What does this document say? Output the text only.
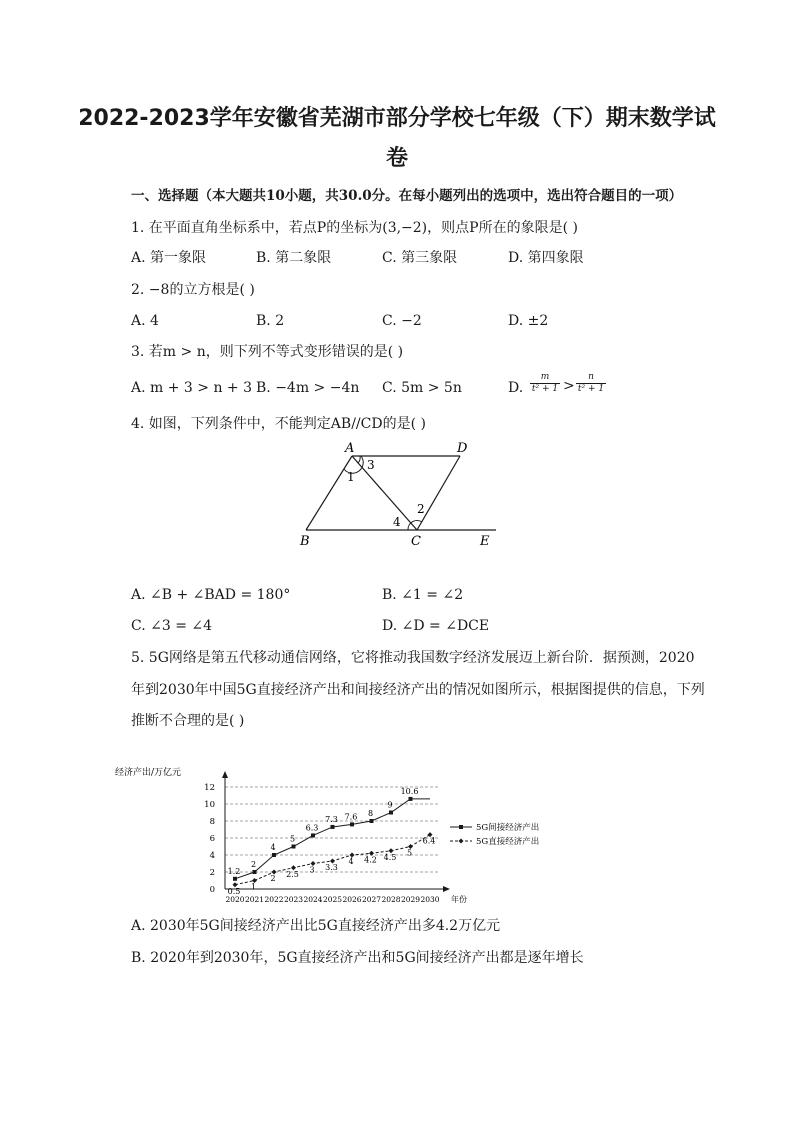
2022-2023学年安徽省芜湖市部分学校七年级（下）期末数学试
卷
一、选择题（本大题共10小题，共30.0分。在每小题列出的选项中，选出符合题目的一项）
1. 在平面直角坐标系中，若点P的坐标为(3,−2)，则点P所在的象限是( )
A. 第一象限	B. 第二象限	C. 第三象限	D. 第四象限
2. −8的立方根是( )
A. 4	B. 2	C. −2	D. ±2
3. 若m > n，则下列不等式变形错误的是( )
A. m + 3 > n + 3 B. −4m > −4n C. 5m > 5n	D.
m
t² + 1 >
n
t² + 1
4. 如图，下列条件中，不能判定AB//CD的是( )
A	D
B	C	E
1
3
2
4
A. ∠B + ∠BAD = 180°	B. ∠1 = ∠2
C. ∠3 = ∠4	D. ∠D = ∠DCE
5. 5G网络是第五代移动通信网络，它将推动我国数字经济发展迈上新台阶．据预测，2020
年到2030年中国5G直接经济产出和间接经济产出的情况如图所示，根据图提供的信息，下列
推断不合理的是( )
0
2
4
6
8
10
12
经济产出/万亿元
年份
2020 2021 2022 2023 2024 2025 2026 2027 2028 2029 2030
1.2
2
4
5
6.3
7.3 7.6 8
9
10.6
5G间接经济产出
0.5 1
2 2.5 3 3.3
4 4.2 4.5 5
6.4	5G直接经济产出
A. 2030年5G间接经济产出比5G直接经济产出多4.2万亿元
B. 2020年到2030年，5G直接经济产出和5G间接经济产出都是逐年增长
